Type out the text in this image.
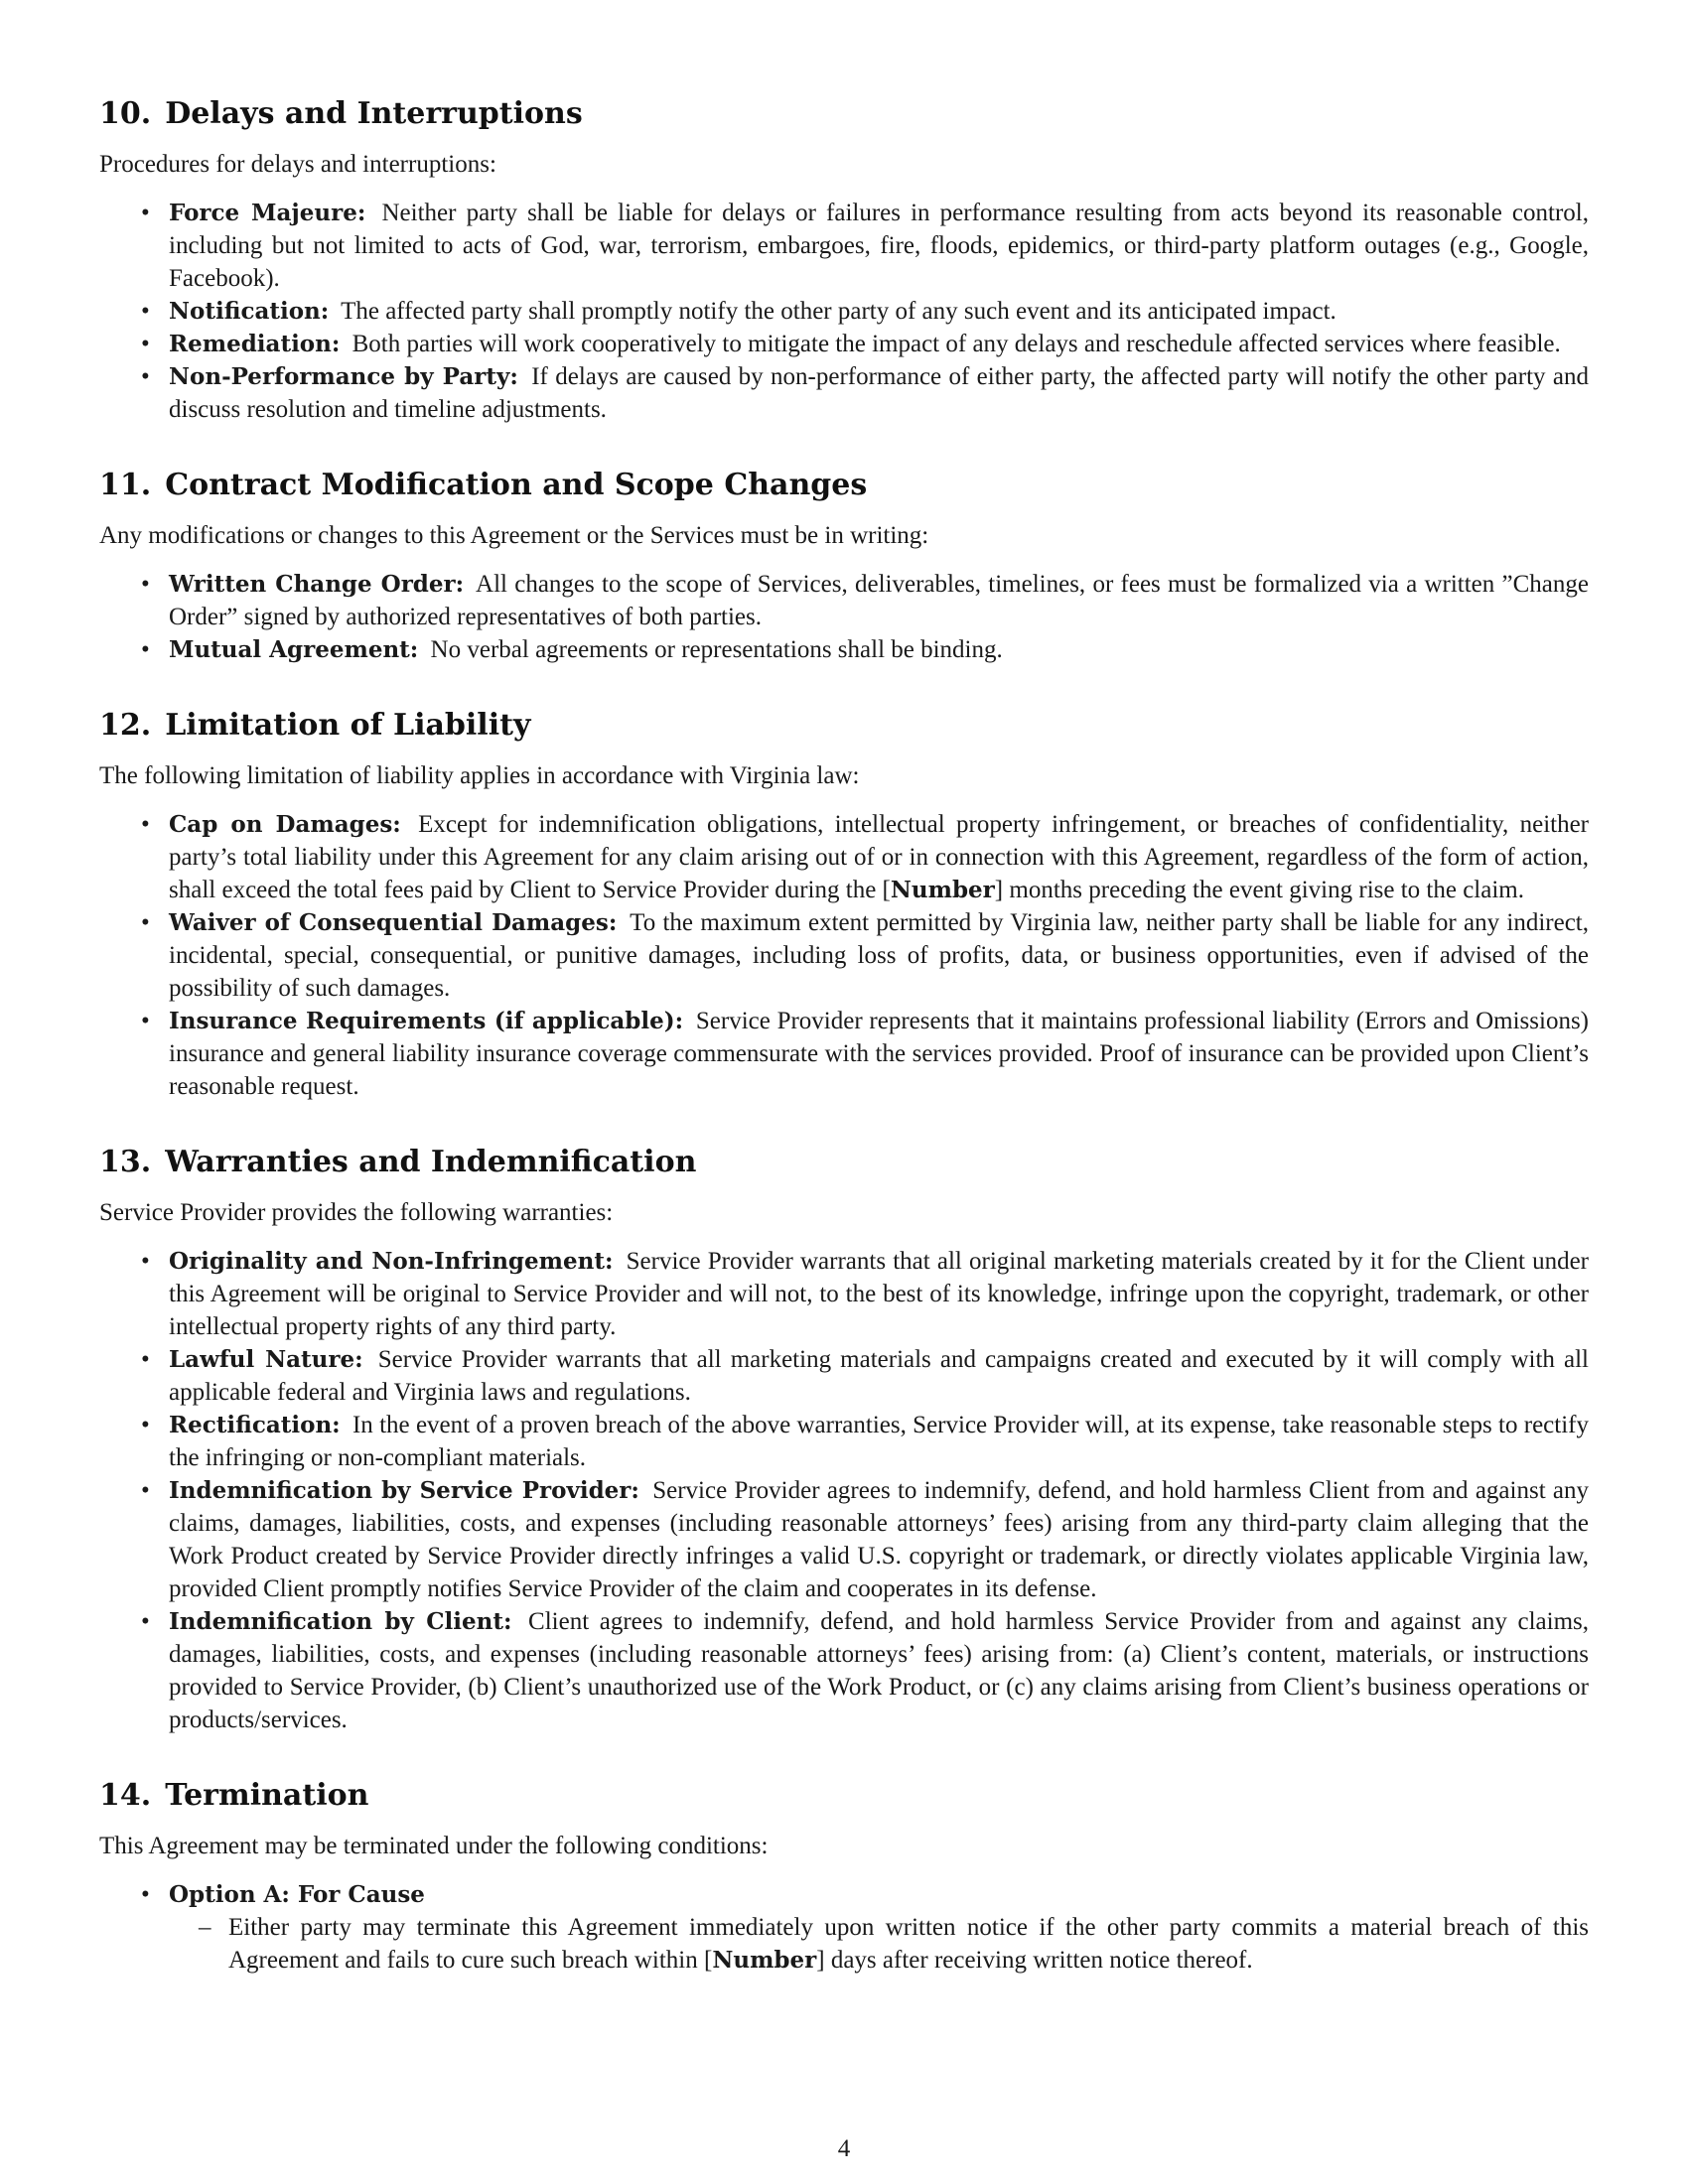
10. Delays and Interruptions

Procedures for delays and interruptions:

• Force Majeure: Neither party shall be liable for delays or failures in performance resulting from acts beyond its reasonable control, including but not limited to acts of God, war, terrorism, embargoes, fire, floods, epidemics, or third-party platform outages (e.g., Google, Facebook).
• Notification: The affected party shall promptly notify the other party of any such event and its anticipated impact.
• Remediation: Both parties will work cooperatively to mitigate the impact of any delays and reschedule affected services where feasible.
• Non-Performance by Party: If delays are caused by non-performance of either party, the affected party will notify the other party and discuss resolution and timeline adjustments.
11. Contract Modification and Scope Changes

Any modifications or changes to this Agreement or the Services must be in writing:

• Written Change Order: All changes to the scope of Services, deliverables, timelines, or fees must be formalized via a written ”Change Order” signed by authorized representatives of both parties.
• Mutual Agreement: No verbal agreements or representations shall be binding.
12. Limitation of Liability

The following limitation of liability applies in accordance with Virginia law:

• Cap on Damages: Except for indemnification obligations, intellectual property infringement, or breaches of confidentiality, neither party’s total liability under this Agreement for any claim arising out of or in connection with this Agreement, regardless of the form of action, shall exceed the total fees paid by Client to Service Provider during the [Number] months preceding the event giving rise to the claim.
• Waiver of Consequential Damages: To the maximum extent permitted by Virginia law, neither party shall be liable for any indirect, incidental, special, consequential, or punitive damages, including loss of profits, data, or business opportunities, even if advised of the possibility of such damages.
• Insurance Requirements (if applicable): Service Provider represents that it maintains professional liability (Errors and Omissions) insurance and general liability insurance coverage commensurate with the services provided. Proof of insurance can be provided upon Client’s reasonable request.
13. Warranties and Indemnification

Service Provider provides the following warranties:

• Originality and Non-Infringement: Service Provider warrants that all original marketing materials created by it for the Client under this Agreement will be original to Service Provider and will not, to the best of its knowledge, infringe upon the copyright, trademark, or other intellectual property rights of any third party.
• Lawful Nature: Service Provider warrants that all marketing materials and campaigns created and executed by it will comply with all applicable federal and Virginia laws and regulations.
• Rectification: In the event of a proven breach of the above warranties, Service Provider will, at its expense, take reasonable steps to rectify the infringing or non-compliant materials.
• Indemnification by Service Provider: Service Provider agrees to indemnify, defend, and hold harmless Client from and against any claims, damages, liabilities, costs, and expenses (including reasonable attorneys’ fees) arising from any third-party claim alleging that the Work Product created by Service Provider directly infringes a valid U.S. copyright or trademark, or directly violates applicable Virginia law, provided Client promptly notifies Service Provider of the claim and cooperates in its defense.
• Indemnification by Client: Client agrees to indemnify, defend, and hold harmless Service Provider from and against any claims, damages, liabilities, costs, and expenses (including reasonable attorneys’ fees) arising from: (a) Client’s content, materials, or instructions provided to Service Provider, (b) Client’s unauthorized use of the Work Product, or (c) any claims arising from Client’s business operations or products/services.
14. Termination

This Agreement may be terminated under the following conditions:

• Option A: For Cause
– Either party may terminate this Agreement immediately upon written notice if the other party commits a material breach of this Agreement and fails to cure such breach within [Number] days after receiving written notice thereof.
4
